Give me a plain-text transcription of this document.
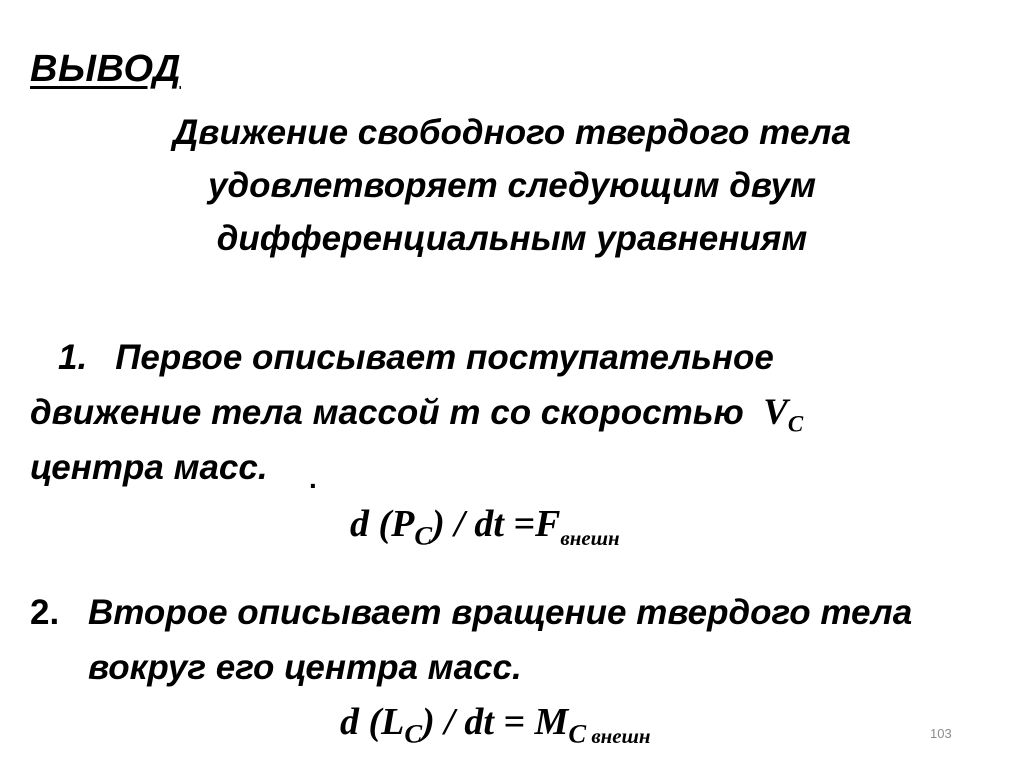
ВЫВОД
Движение свободного твердого тела
удовлетворяет следующим двум
дифференциальным уравнениям
1. Первое описывает поступательное
движение тела массой m со скоростью $V_C$
центра масс.	.
d $(P_C)$ / dt $=F_{внешн}$
2. Второе описывает вращение твердого тела
вокруг его центра масс.
d $(L_C)$ / dt = $M_C$ $_{внешн}$	103
